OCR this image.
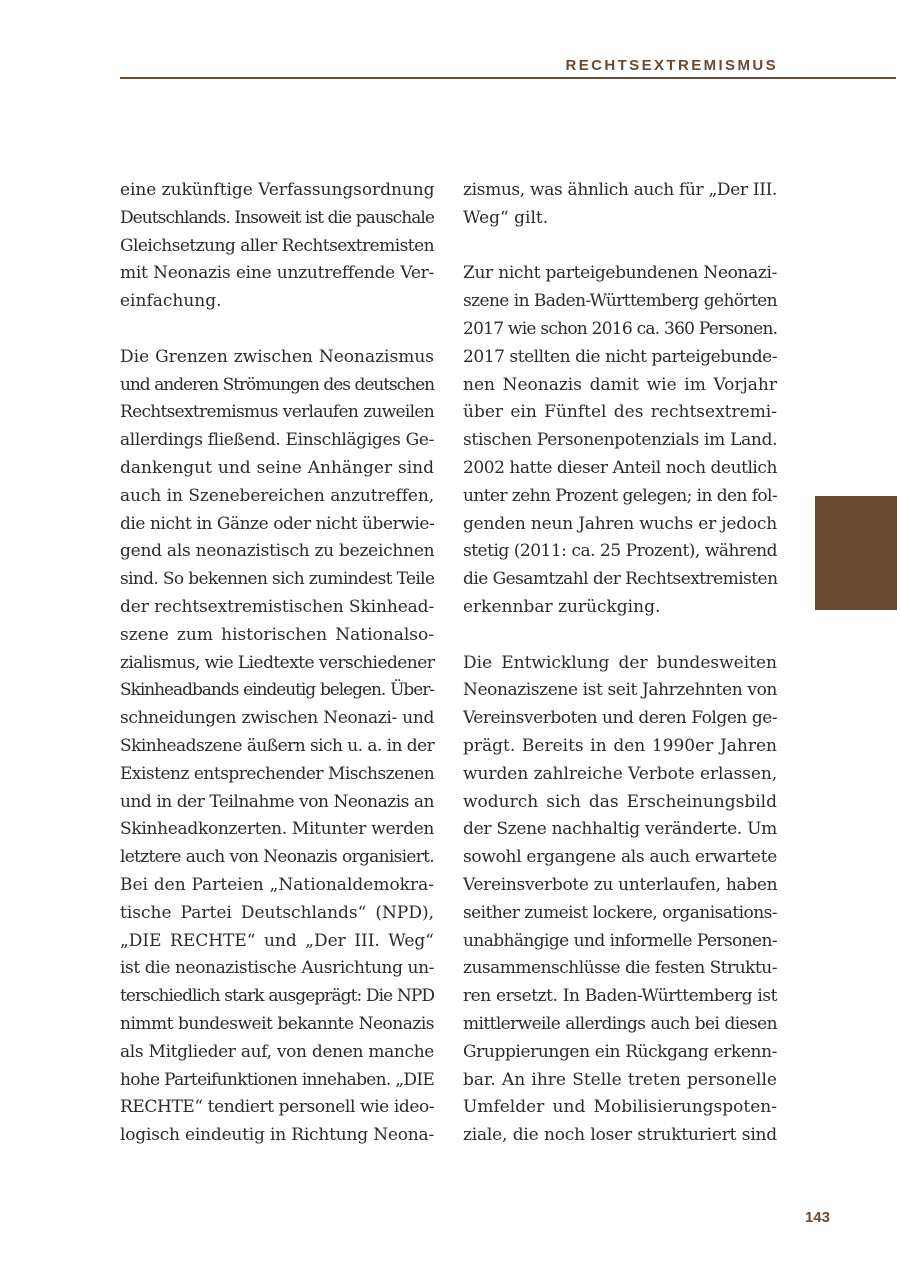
RECHTSEXTREMISMUS

eine zukünftige Verfassungsordnung
Deutschlands. Insoweit ist die pauschale
Gleichsetzung aller Rechtsextremisten
mit Neonazis eine unzutreffende Ver-
einfachung.

Die Grenzen zwischen Neonazismus
und anderen Strömungen des deutschen
Rechtsextremismus verlaufen zuweilen
allerdings fließend. Einschlägiges Ge-
dankengut und seine Anhänger sind
auch in Szenebereichen anzutreffen,
die nicht in Gänze oder nicht überwie-
gend als neonazistisch zu bezeichnen
sind. So bekennen sich zumindest Teile
der rechtsextremistischen Skinhead-
szene zum historischen Nationalso-
zialismus, wie Liedtexte verschiedener
Skinheadbands eindeutig belegen. Über-
schneidungen zwischen Neonazi- und
Skinheadszene äußern sich u. a. in der
Existenz entsprechender Mischszenen
und in der Teilnahme von Neonazis an
Skinheadkonzerten. Mitunter werden
letztere auch von Neonazis organisiert.
Bei den Parteien „Nationaldemokra-
tische Partei Deutschlands“ (NPD),
„DIE RECHTE“ und „Der III. Weg“
ist die neonazistische Ausrichtung un-
terschiedlich stark ausgeprägt: Die NPD
nimmt bundesweit bekannte Neonazis
als Mitglieder auf, von denen manche
hohe Parteifunktionen innehaben. „DIE
RECHTE“ tendiert personell wie ideo-
logisch eindeutig in Richtung Neona-

zismus, was ähnlich auch für „Der III.
Weg“ gilt.

Zur nicht parteigebundenen Neonazi-
szene in Baden-Württemberg gehörten
2017 wie schon 2016 ca. 360 Personen.
2017 stellten die nicht parteigebunde-
nen Neonazis damit wie im Vorjahr
über ein Fünftel des rechtsextremi-
stischen Personenpotenzials im Land.
2002 hatte dieser Anteil noch deutlich
unter zehn Prozent gelegen; in den fol-
genden neun Jahren wuchs er jedoch
stetig (2011: ca. 25 Prozent), während
die Gesamtzahl der Rechtsextremisten
erkennbar zurückging.

Die Entwicklung der bundesweiten
Neonaziszene ist seit Jahrzehnten von
Vereinsverboten und deren Folgen ge-
prägt. Bereits in den 1990er Jahren
wurden zahlreiche Verbote erlassen,
wodurch sich das Erscheinungsbild
der Szene nachhaltig veränderte. Um
sowohl ergangene als auch erwartete
Vereinsverbote zu unterlaufen, haben
seither zumeist lockere, organisations-
unabhängige und informelle Personen-
zusammenschlüsse die festen Struktu-
ren ersetzt. In Baden-Württemberg ist
mittlerweile allerdings auch bei diesen
Gruppierungen ein Rückgang erkenn-
bar. An ihre Stelle treten personelle
Umfelder und Mobilisierungspoten-
ziale, die noch loser strukturiert sind

143
